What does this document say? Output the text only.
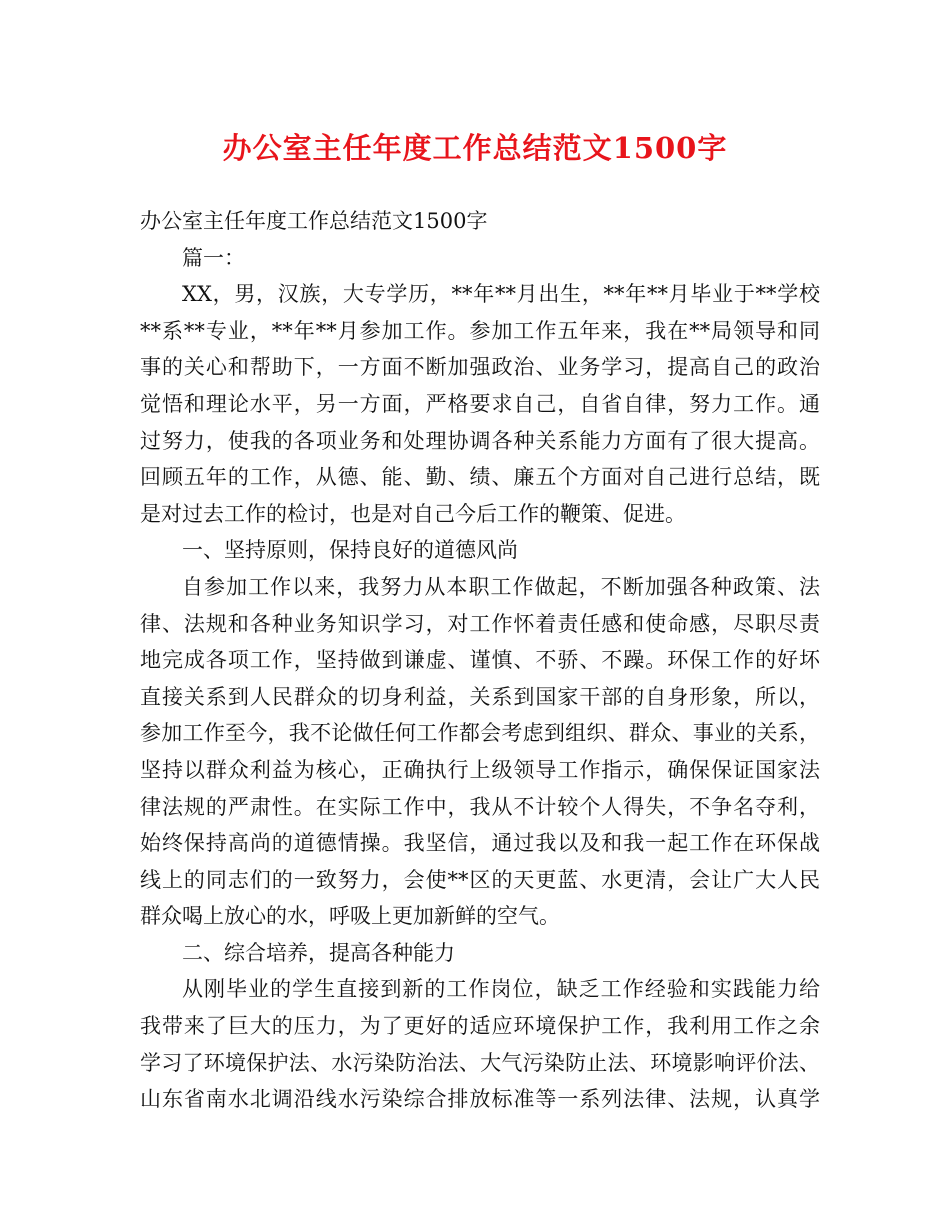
办公室主任年度工作总结范文1500字
办公室主任年度工作总结范文1500字
篇一：
XX，男，汉族，大专学历，**年**月出生，**年**月毕业于**学校
**系**专业，**年**月参加工作。参加工作五年来，我在**局领导和同
事的关心和帮助下，一方面不断加强政治、业务学习，提高自己的政治
觉悟和理论水平，另一方面，严格要求自己，自省自律，努力工作。通
过努力，使我的各项业务和处理协调各种关系能力方面有了很大提高。
回顾五年的工作，从德、能、勤、绩、廉五个方面对自己进行总结，既
是对过去工作的检讨，也是对自己今后工作的鞭策、促进。
一、坚持原则，保持良好的道德风尚
自参加工作以来，我努力从本职工作做起，不断加强各种政策、法
律、法规和各种业务知识学习，对工作怀着责任感和使命感，尽职尽责
地完成各项工作，坚持做到谦虚、谨慎、不骄、不躁。环保工作的好坏
直接关系到人民群众的切身利益，关系到国家干部的自身形象，所以，
参加工作至今，我不论做任何工作都会考虑到组织、群众、事业的关系，
坚持以群众利益为核心，正确执行上级领导工作指示，确保保证国家法
律法规的严肃性。在实际工作中，我从不计较个人得失，不争名夺利，
始终保持高尚的道德情操。我坚信，通过我以及和我一起工作在环保战
线上的同志们的一致努力，会使**区的天更蓝、水更清，会让广大人民
群众喝上放心的水，呼吸上更加新鲜的空气。
二、综合培养，提高各种能力
从刚毕业的学生直接到新的工作岗位，缺乏工作经验和实践能力给
我带来了巨大的压力，为了更好的适应环境保护工作，我利用工作之余
学习了环境保护法、水污染防治法、大气污染防止法、环境影响评价法、
山东省南水北调沿线水污染综合排放标准等一系列法律、法规，认真学
